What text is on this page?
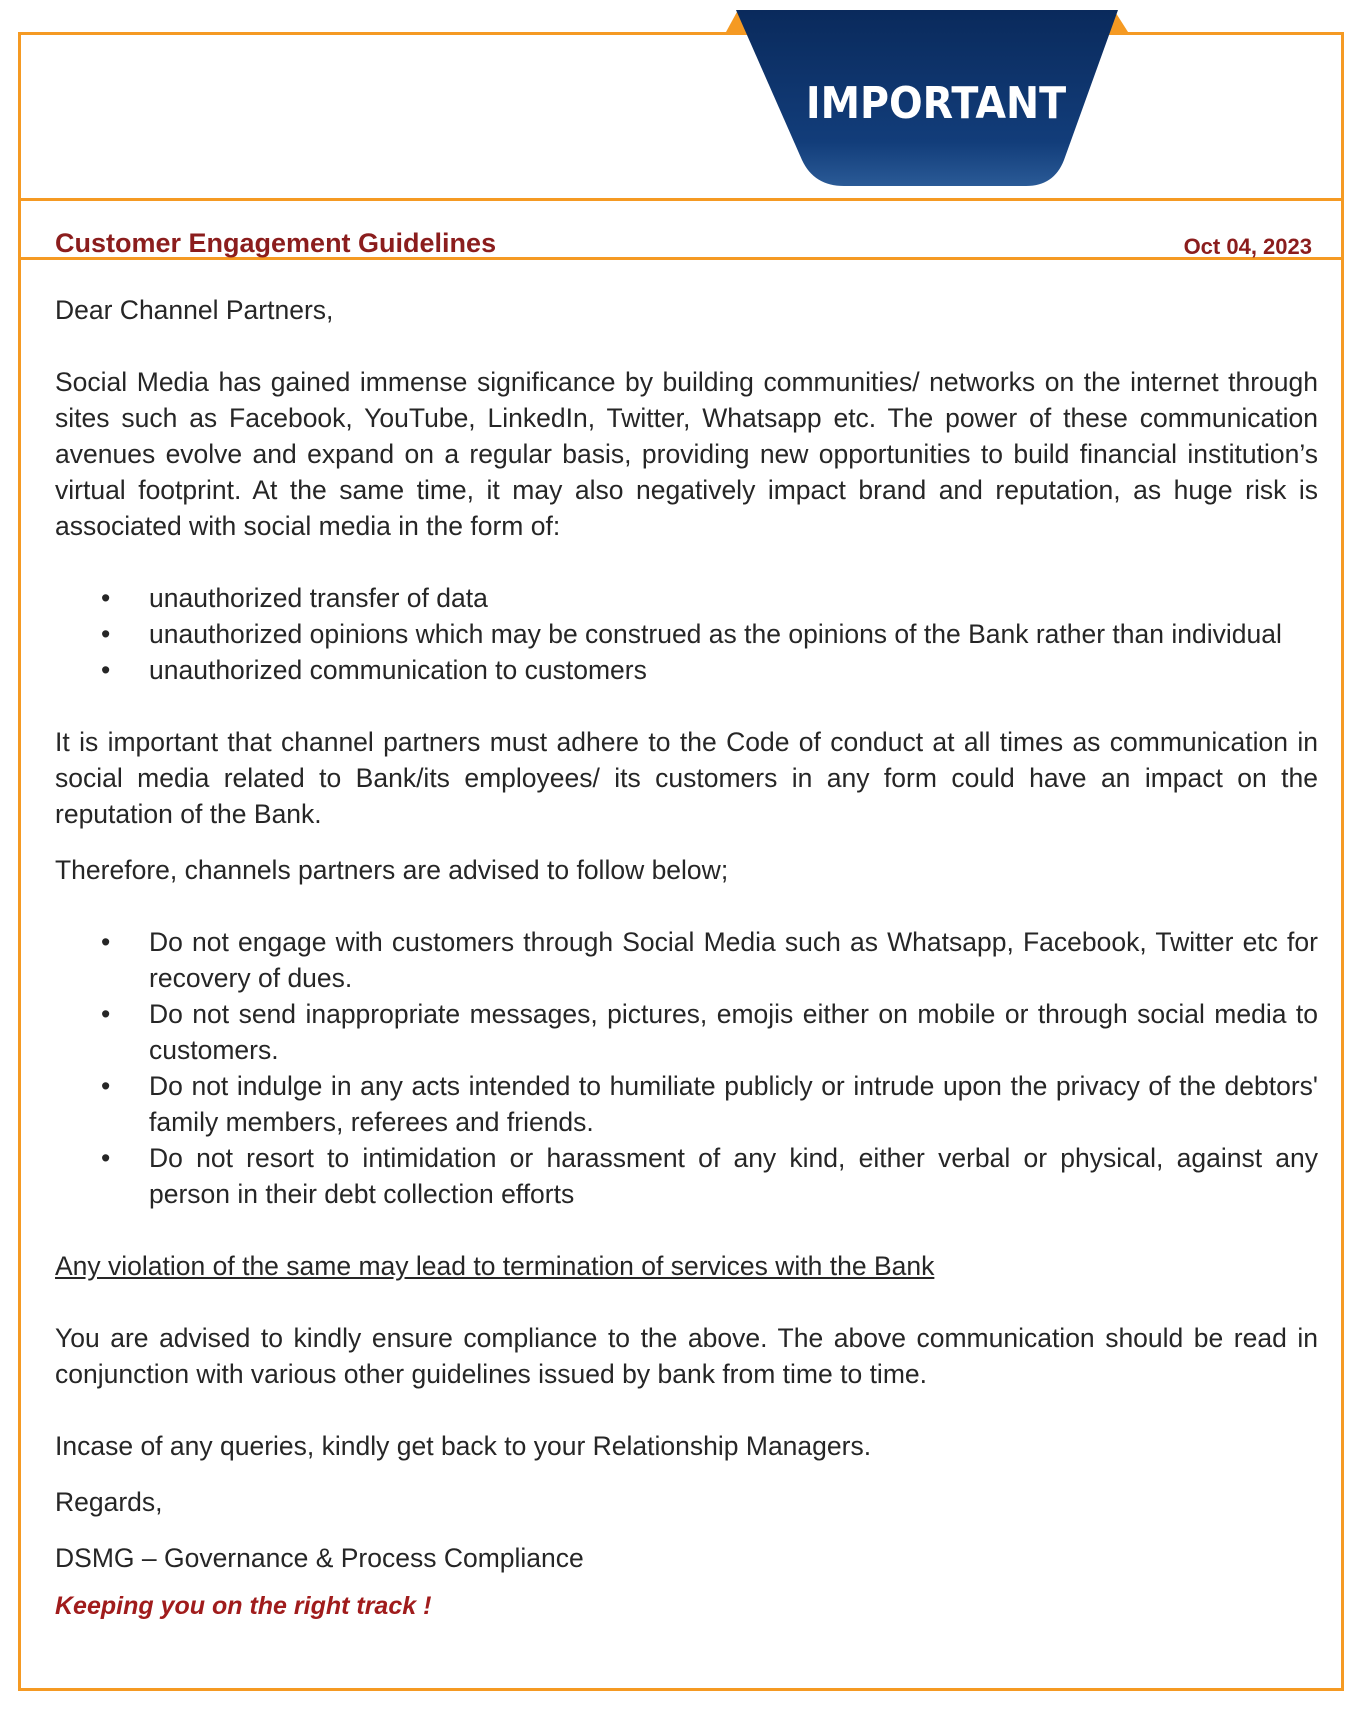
IMPORTANT
Customer Engagement Guidelines	Oct 04, 2023

Dear Channel Partners,

Social Media has gained immense significance by building communities/ networks on the internet through sites such as Facebook, YouTube, LinkedIn, Twitter, Whatsapp etc. The power of these communication avenues evolve and expand on a regular basis, providing new opportunities to build financial institution’s virtual footprint. At the same time, it may also negatively impact brand and reputation, as huge risk is associated with social media in the form of:

• unauthorized transfer of data
• unauthorized opinions which may be construed as the opinions of the Bank rather than individual
• unauthorized communication to customers

It is important that channel partners must adhere to the Code of conduct at all times as communication in social media related to Bank/its employees/ its customers in any form could have an impact on the reputation of the Bank.

Therefore, channels partners are advised to follow below;

• Do not engage with customers through Social Media such as Whatsapp, Facebook, Twitter etc for recovery of dues.
• Do not send inappropriate messages, pictures, emojis either on mobile or through social media to customers.
• Do not indulge in any acts intended to humiliate publicly or intrude upon the privacy of the debtors' family members, referees and friends.
• Do not resort to intimidation or harassment of any kind, either verbal or physical, against any person in their debt collection efforts

Any violation of the same may lead to termination of services with the Bank

You are advised to kindly ensure compliance to the above. The above communication should be read in conjunction with various other guidelines issued by bank from time to time.

Incase of any queries, kindly get back to your Relationship Managers.

Regards,

DSMG – Governance & Process Compliance

Keeping you on the right track !
